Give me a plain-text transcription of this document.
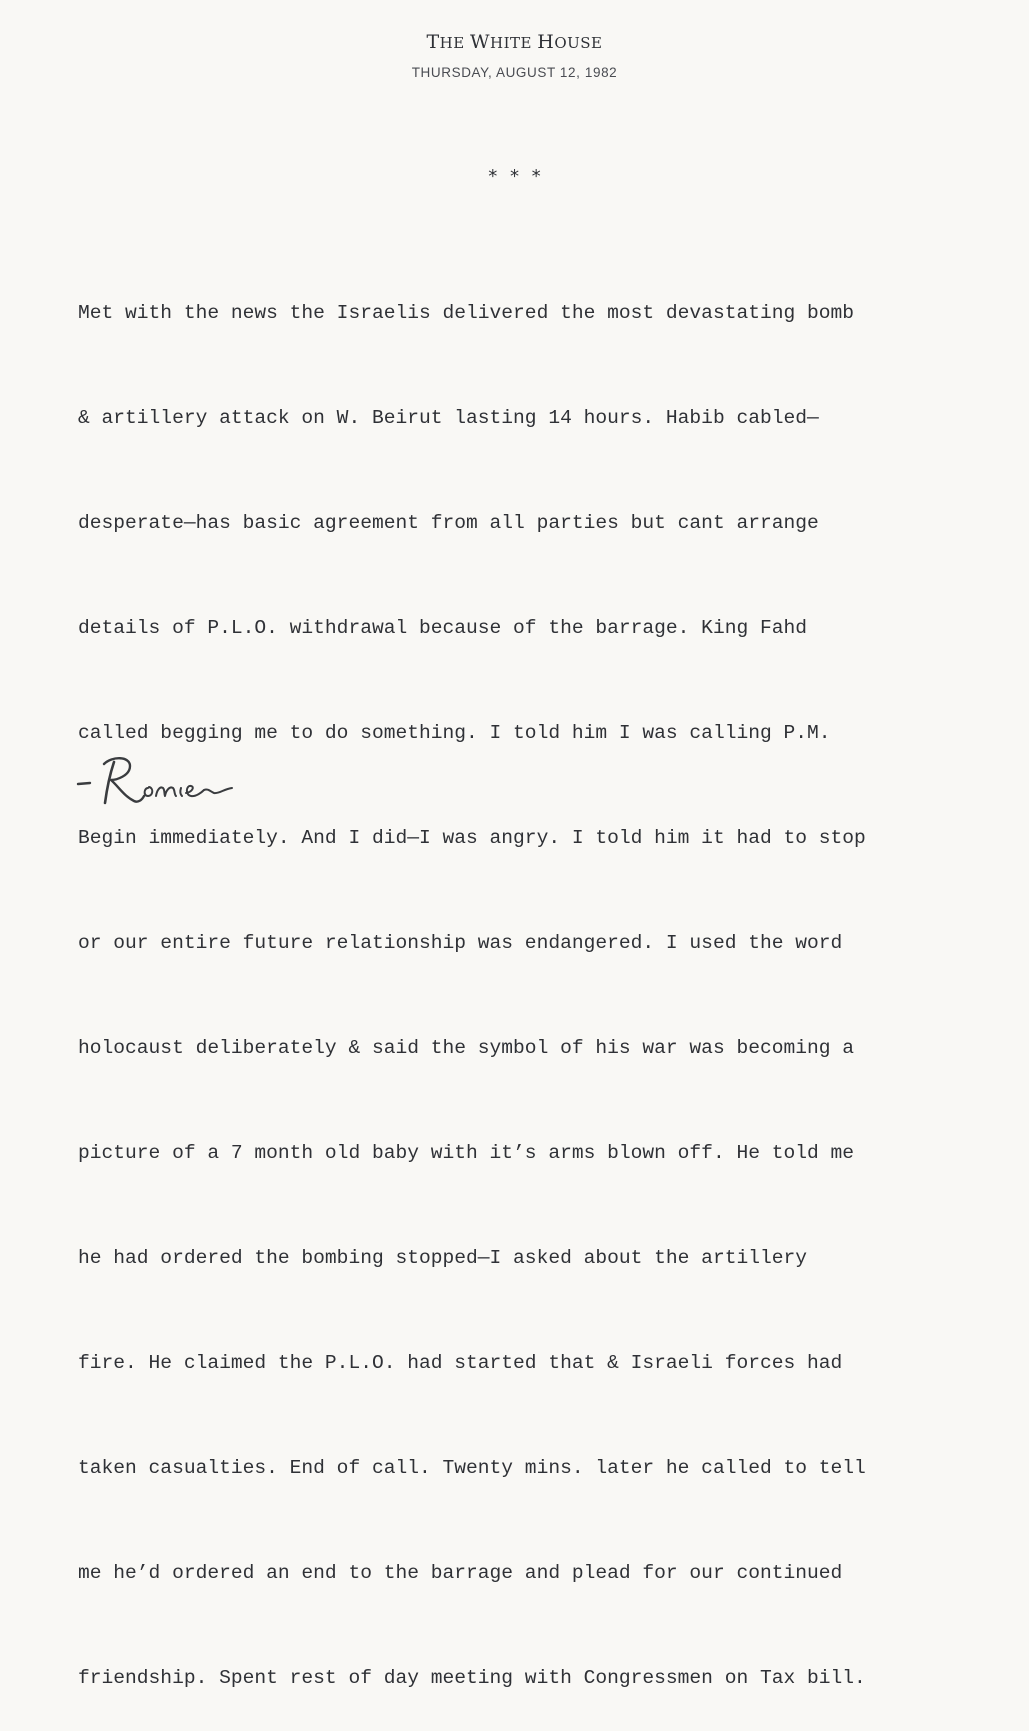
THE WHITE HOUSE
THURSDAY, AUGUST 12, 1982
* * *

Met with the news the Israelis delivered the most devastating bomb

& artillery attack on W. Beirut lasting 14 hours. Habib cabled—

desperate—has basic agreement from all parties but cant arrange

details of P.L.O. withdrawal because of the barrage. King Fahd

called begging me to do something. I told him I was calling P.M.

Begin immediately. And I did—I was angry. I told him it had to stop

or our entire future relationship was endangered. I used the word

holocaust deliberately & said the symbol of his war was becoming a

picture of a 7 month old baby with it’s arms blown off. He told me

he had ordered the bombing stopped—I asked about the artillery

fire. He claimed the P.L.O. had started that & Israeli forces had

taken casualties. End of call. Twenty mins. later he called to tell

me he’d ordered an end to the barrage and plead for our continued

friendship. Spent rest of day meeting with Congressmen on Tax bill.
